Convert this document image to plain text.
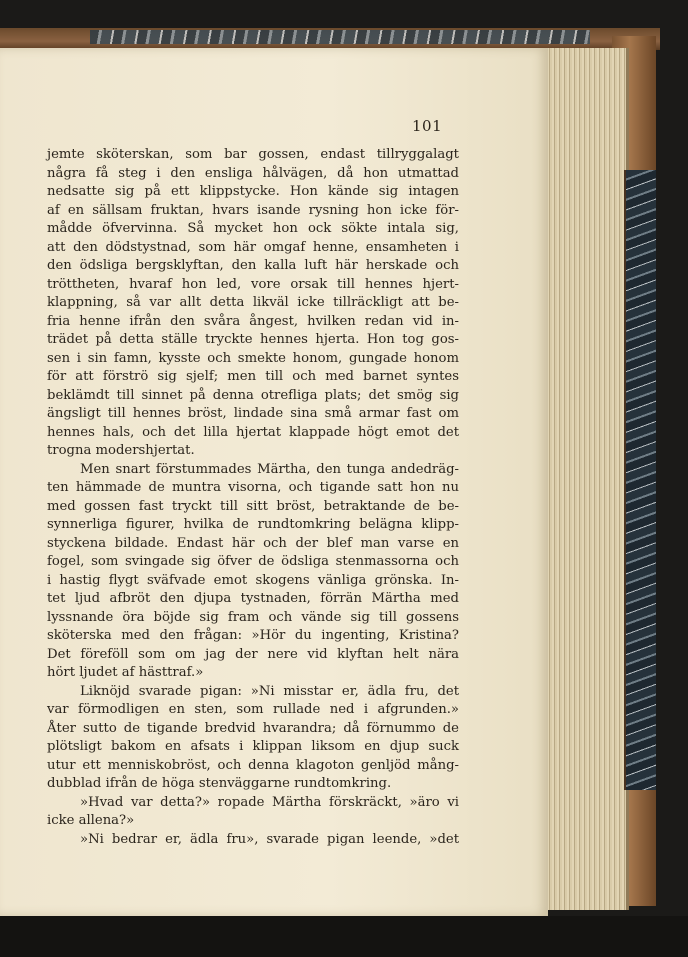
101
jemte sköterskan, som bar gossen, endast tillryggalagt
några få steg i den ensliga hålvägen, då hon utmattad
nedsatte sig på ett klippstycke. Hon kände sig intagen
af en sällsam fruktan, hvars isande rysning hon icke för-
mådde öfvervinna. Så mycket hon ock sökte intala sig,
att den dödstystnad, som här omgaf henne, ensamheten i
den ödsliga bergsklyftan, den kalla luft här herskade och
tröttheten, hvaraf hon led, vore orsak till hennes hjert-
klappning, så var allt detta likväl icke tillräckligt att be-
fria henne ifrån den svåra ångest, hvilken redan vid in-
trädet på detta ställe tryckte hennes hjerta. Hon tog gos-
sen i sin famn, kysste och smekte honom, gungade honom
för att förströ sig sjelf; men till och med barnet syntes
beklämdt till sinnet på denna otrefliga plats; det smög sig
ängsligt till hennes bröst, lindade sina små armar fast om
hennes hals, och det lilla hjertat klappade högt emot det
trogna modershjertat.
Men snart förstummades Märtha, den tunga andedräg-
ten hämmade de muntra visorna, och tigande satt hon nu
med gossen fast tryckt till sitt bröst, betraktande de be-
synnerliga figurer, hvilka de rundtomkring belägna klipp-
styckena bildade. Endast här och der blef man varse en
fogel, som svingade sig öfver de ödsliga stenmassorna och
i hastig flygt sväfvade emot skogens vänliga grönska. In-
tet ljud afbröt den djupa tystnaden, förrän Märtha med
lyssnande öra böjde sig fram och vände sig till gossens
sköterska med den frågan: »Hör du ingenting, Kristina?
Det föreföll som om jag der nere vid klyftan helt nära
hört ljudet af hästtraf.»
Liknöjd svarade pigan: »Ni misstar er, ädla fru, det
var förmodligen en sten, som rullade ned i afgrunden.»
Åter sutto de tigande bredvid hvarandra; då förnummo de
plötsligt bakom en afsats i klippan liksom en djup suck
utur ett menniskobröst, och denna klagoton genljöd mång-
dubblad ifrån de höga stenväggarne rundtomkring.
»Hvad var detta?» ropade Märtha förskräckt, »äro vi
icke allena?»
»Ni bedrar er, ädla fru», svarade pigan leende, »det
